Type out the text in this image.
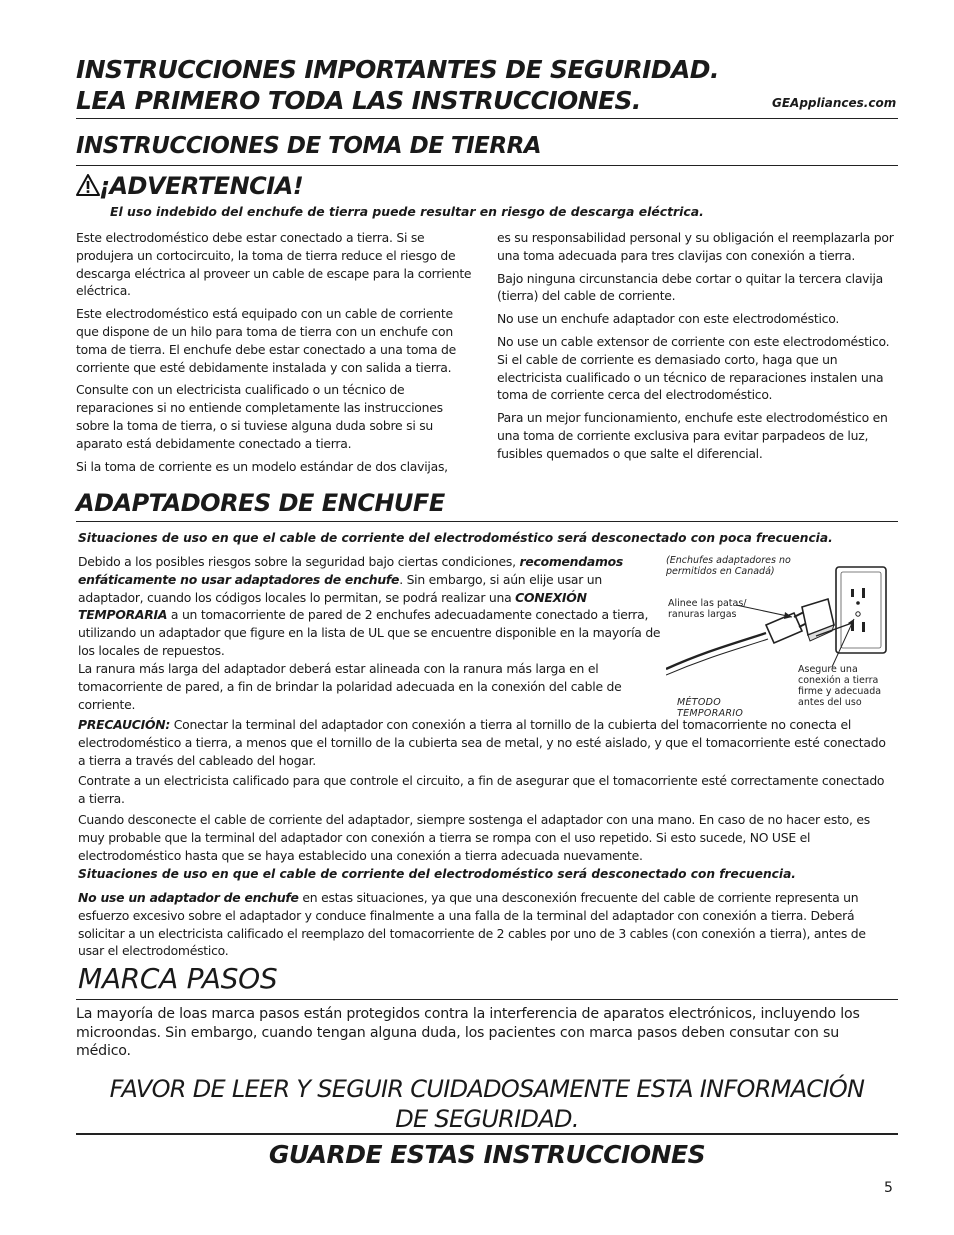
INSTRUCCIONES IMPORTANTES DE SEGURIDAD.
LEA PRIMERO TODA LAS INSTRUCCIONES.	GEAppliances.com
INSTRUCCIONES DE TOMA DE TIERRA
¡ADVERTENCIA!
El uso indebido del enchufe de tierra puede resultar en riesgo de descarga eléctrica.

Este electrodoméstico debe estar conectado a tierra. Si se produjera un cortocircuito, la toma de tierra reduce el riesgo de descarga eléctrica al proveer un cable de escape para la corriente eléctrica.

Este electrodoméstico está equipado con un cable de corriente que dispone de un hilo para toma de tierra con un enchufe con toma de tierra. El enchufe debe estar conectado a una toma de corriente que esté debidamente instalada y con salida a tierra.

Consulte con un electricista cualificado o un técnico de reparaciones si no entiende completamente las instrucciones sobre la toma de tierra, o si tuviese alguna duda sobre si su aparato está debidamente conectado a tierra.

Si la toma de corriente es un modelo estándar de dos clavijas,

es su responsabilidad personal y su obligación el reemplazarla por una toma adecuada para tres clavijas con conexión a tierra.

Bajo ninguna circunstancia debe cortar o quitar la tercera clavija (tierra) del cable de corriente.

No use un enchufe adaptador con este electrodoméstico.

No use un cable extensor de corriente con este electrodoméstico. Si el cable de corriente es demasiado corto, haga que un electricista cualificado o un técnico de reparaciones instalen una toma de corriente cerca del electrodoméstico.

Para un mejor funcionamiento, enchufe este electrodoméstico en una toma de corriente exclusiva para evitar parpadeos de luz, fusibles quemados o que salte el diferencial.

ADAPTADORES DE ENCHUFE
Situaciones de uso en que el cable de corriente del electrodoméstico será desconectado con poca frecuencia.
Debido a los posibles riesgos sobre la seguridad bajo ciertas condiciones, recomendamos enfáticamente no usar adaptadores de enchufe. Sin embargo, si aún elije usar un adaptador, cuando los códigos locales lo permitan, se podrá realizar una CONEXIÓN TEMPORARIA a un tomacorriente de pared de 2 enchufes adecuadamente conectado a tierra, utilizando un adaptador que figure en la lista de UL que se encuentre disponible en la mayoría de los locales de repuestos.
La ranura más larga del adaptador deberá estar alineada con la ranura más larga en el tomacorriente de pared, a fin de brindar la polaridad adecuada en la conexión del cable de corriente.
(Enchufes adaptadores no permitidos en Canadá)
Alinee las patas/ ranuras largas
Asegure una conexión a tierra firme y adecuada antes del uso
MÉTODO TEMPORARIO
PRECAUCIÓN: Conectar la terminal del adaptador con conexión a tierra al tornillo de la cubierta del tomacorriente no conecta el electrodoméstico a tierra, a menos que el tornillo de la cubierta sea de metal, y no esté aislado, y que el tomacorriente esté conectado a tierra a través del cableado del hogar.
Contrate a un electricista calificado para que controle el circuito, a fin de asegurar que el tomacorriente esté correctamente conectado a tierra.
Cuando desconecte el cable de corriente del adaptador, siempre sostenga el adaptador con una mano. En caso de no hacer esto, es muy probable que la terminal del adaptador con conexión a tierra se rompa con el uso repetido. Si esto sucede, NO USE el electrodoméstico hasta que se haya establecido una conexión a tierra adecuada nuevamente.
Situaciones de uso en que el cable de corriente del electrodoméstico será desconectado con frecuencia.
No use un adaptador de enchufe en estas situaciones, ya que una desconexión frecuente del cable de corriente representa un esfuerzo excesivo sobre el adaptador y conduce finalmente a una falla de la terminal del adaptador con conexión a tierra. Deberá solicitar a un electricista calificado el reemplazo del tomacorriente de 2 cables por uno de 3 cables (con conexión a tierra), antes de usar el electrodoméstico.
MARCA PASOS
La mayoría de loas marca pasos están protegidos contra la interferencia de aparatos electrónicos, incluyendo los microondas. Sin embargo, cuando tengan alguna duda, los pacientes con marca pasos deben consutar con su médico.
FAVOR DE LEER Y SEGUIR CUIDADOSAMENTE ESTA INFORMACIÓN
DE SEGURIDAD.
GUARDE ESTAS INSTRUCCIONES
5
